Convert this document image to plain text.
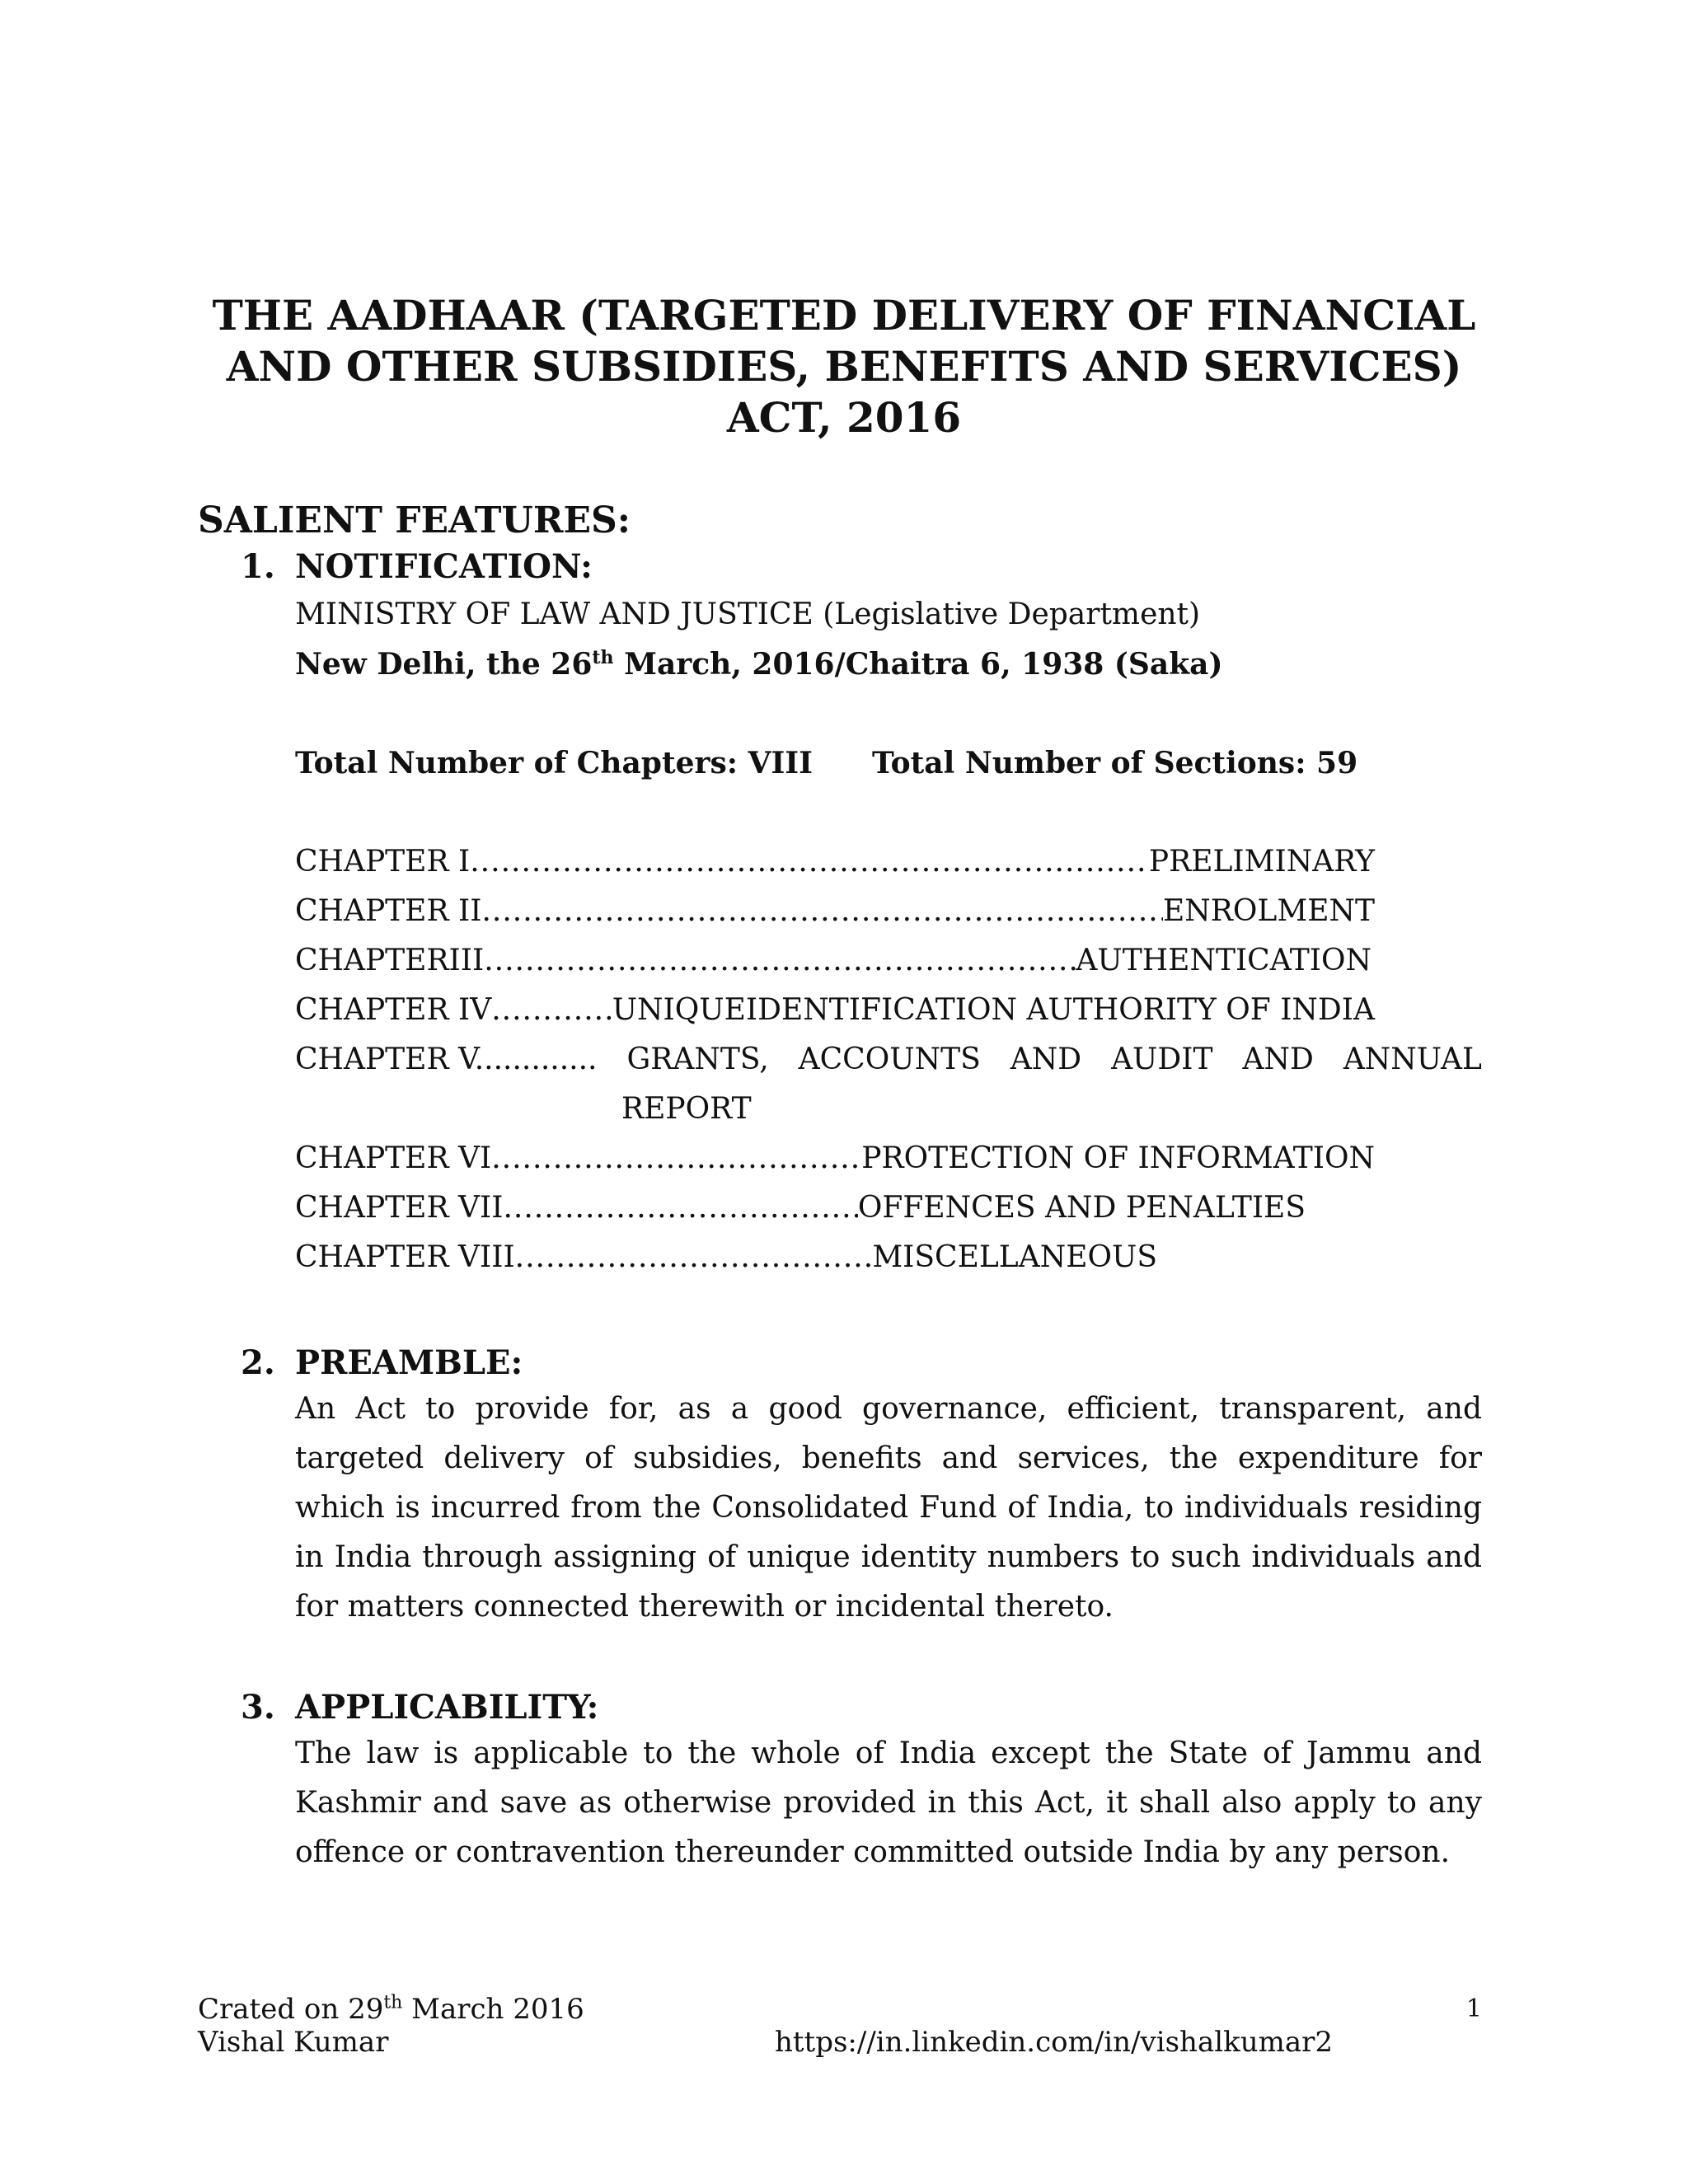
THE AADHAAR (TARGETED DELIVERY OF FINANCIAL
AND OTHER SUBSIDIES, BENEFITS AND SERVICES)
ACT, 2016
SALIENT FEATURES:
1. NOTIFICATION:
MINISTRY OF LAW AND JUSTICE (Legislative Department)
New Delhi, the 26th March, 2016/Chaitra 6, 1938 (Saka)
Total Number of Chapters: VIII Total Number of Sections: 59
CHAPTER I .....	PRELIMINARY
CHAPTER II .....	ENROLMENT
CHAPTERIII .....	AUTHENTICATION
CHAPTER IV .....	UNIQUEIDENTIFICATION AUTHORITY OF INDIA
CHAPTER V............. GRANTS, ACCOUNTS AND AUDIT AND ANNUAL
REPORT
CHAPTER VI .....	PROTECTION OF INFORMATION
CHAPTER VII .....	OFFENCES AND PENALTIES
CHAPTER VIII .....	MISCELLANEOUS
2. PREAMBLE:
An Act to provide for, as a good governance, efficient, transparent, and targeted delivery of subsidies, benefits and services, the expenditure for which is incurred from the Consolidated Fund of India, to individuals residing in India through assigning of unique identity numbers to such individuals and for matters connected therewith or incidental thereto.
3. APPLICABILITY:
The law is applicable to the whole of India except the State of Jammu and Kashmir and save as otherwise provided in this Act, it shall also apply to any offence or contravention thereunder committed outside India by any person.
Crated on 29th March 2016
Vishal Kumar
1
https://in.linkedin.com/in/vishalkumar2
